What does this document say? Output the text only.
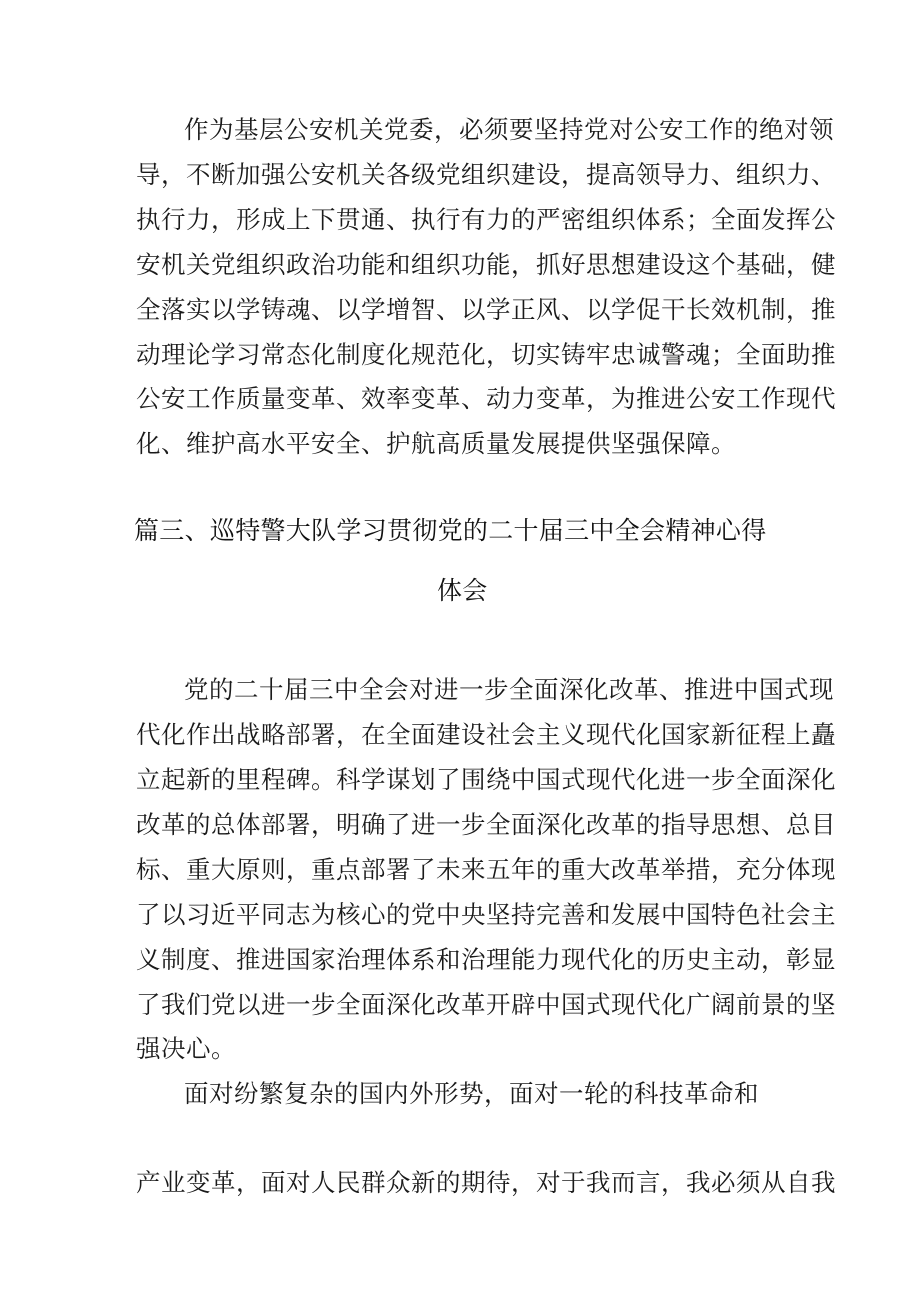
作为基层公安机关党委，必须要坚持党对公安工作的绝对领
导，不断加强公安机关各级党组织建设，提高领导力、组织力、
执行力，形成上下贯通、执行有力的严密组织体系；全面发挥公
安机关党组织政治功能和组织功能，抓好思想建设这个基础，健
全落实以学铸魂、以学增智、以学正风、以学促干长效机制，推
动理论学习常态化制度化规范化，切实铸牢忠诚警魂；全面助推
公安工作质量变革、效率变革、动力变革，为推进公安工作现代
化、维护高水平安全、护航高质量发展提供坚强保障。
篇三、巡特警大队学习贯彻党的二十届三中全会精神心得
体会
党的二十届三中全会对进一步全面深化改革、推进中国式现
代化作出战略部署，在全面建设社会主义现代化国家新征程上矗
立起新的里程碑。科学谋划了围绕中国式现代化进一步全面深化
改革的总体部署，明确了进一步全面深化改革的指导思想、总目
标、重大原则，重点部署了未来五年的重大改革举措，充分体现
了以习近平同志为核心的党中央坚持完善和发展中国特色社会主
义制度、推进国家治理体系和治理能力现代化的历史主动，彰显
了我们党以进一步全面深化改革开辟中国式现代化广阔前景的坚
强决心。
面对纷繁复杂的国内外形势，面对一轮的科技革命和
产业变革，面对人民群众新的期待，对于我而言，我必须从自我
